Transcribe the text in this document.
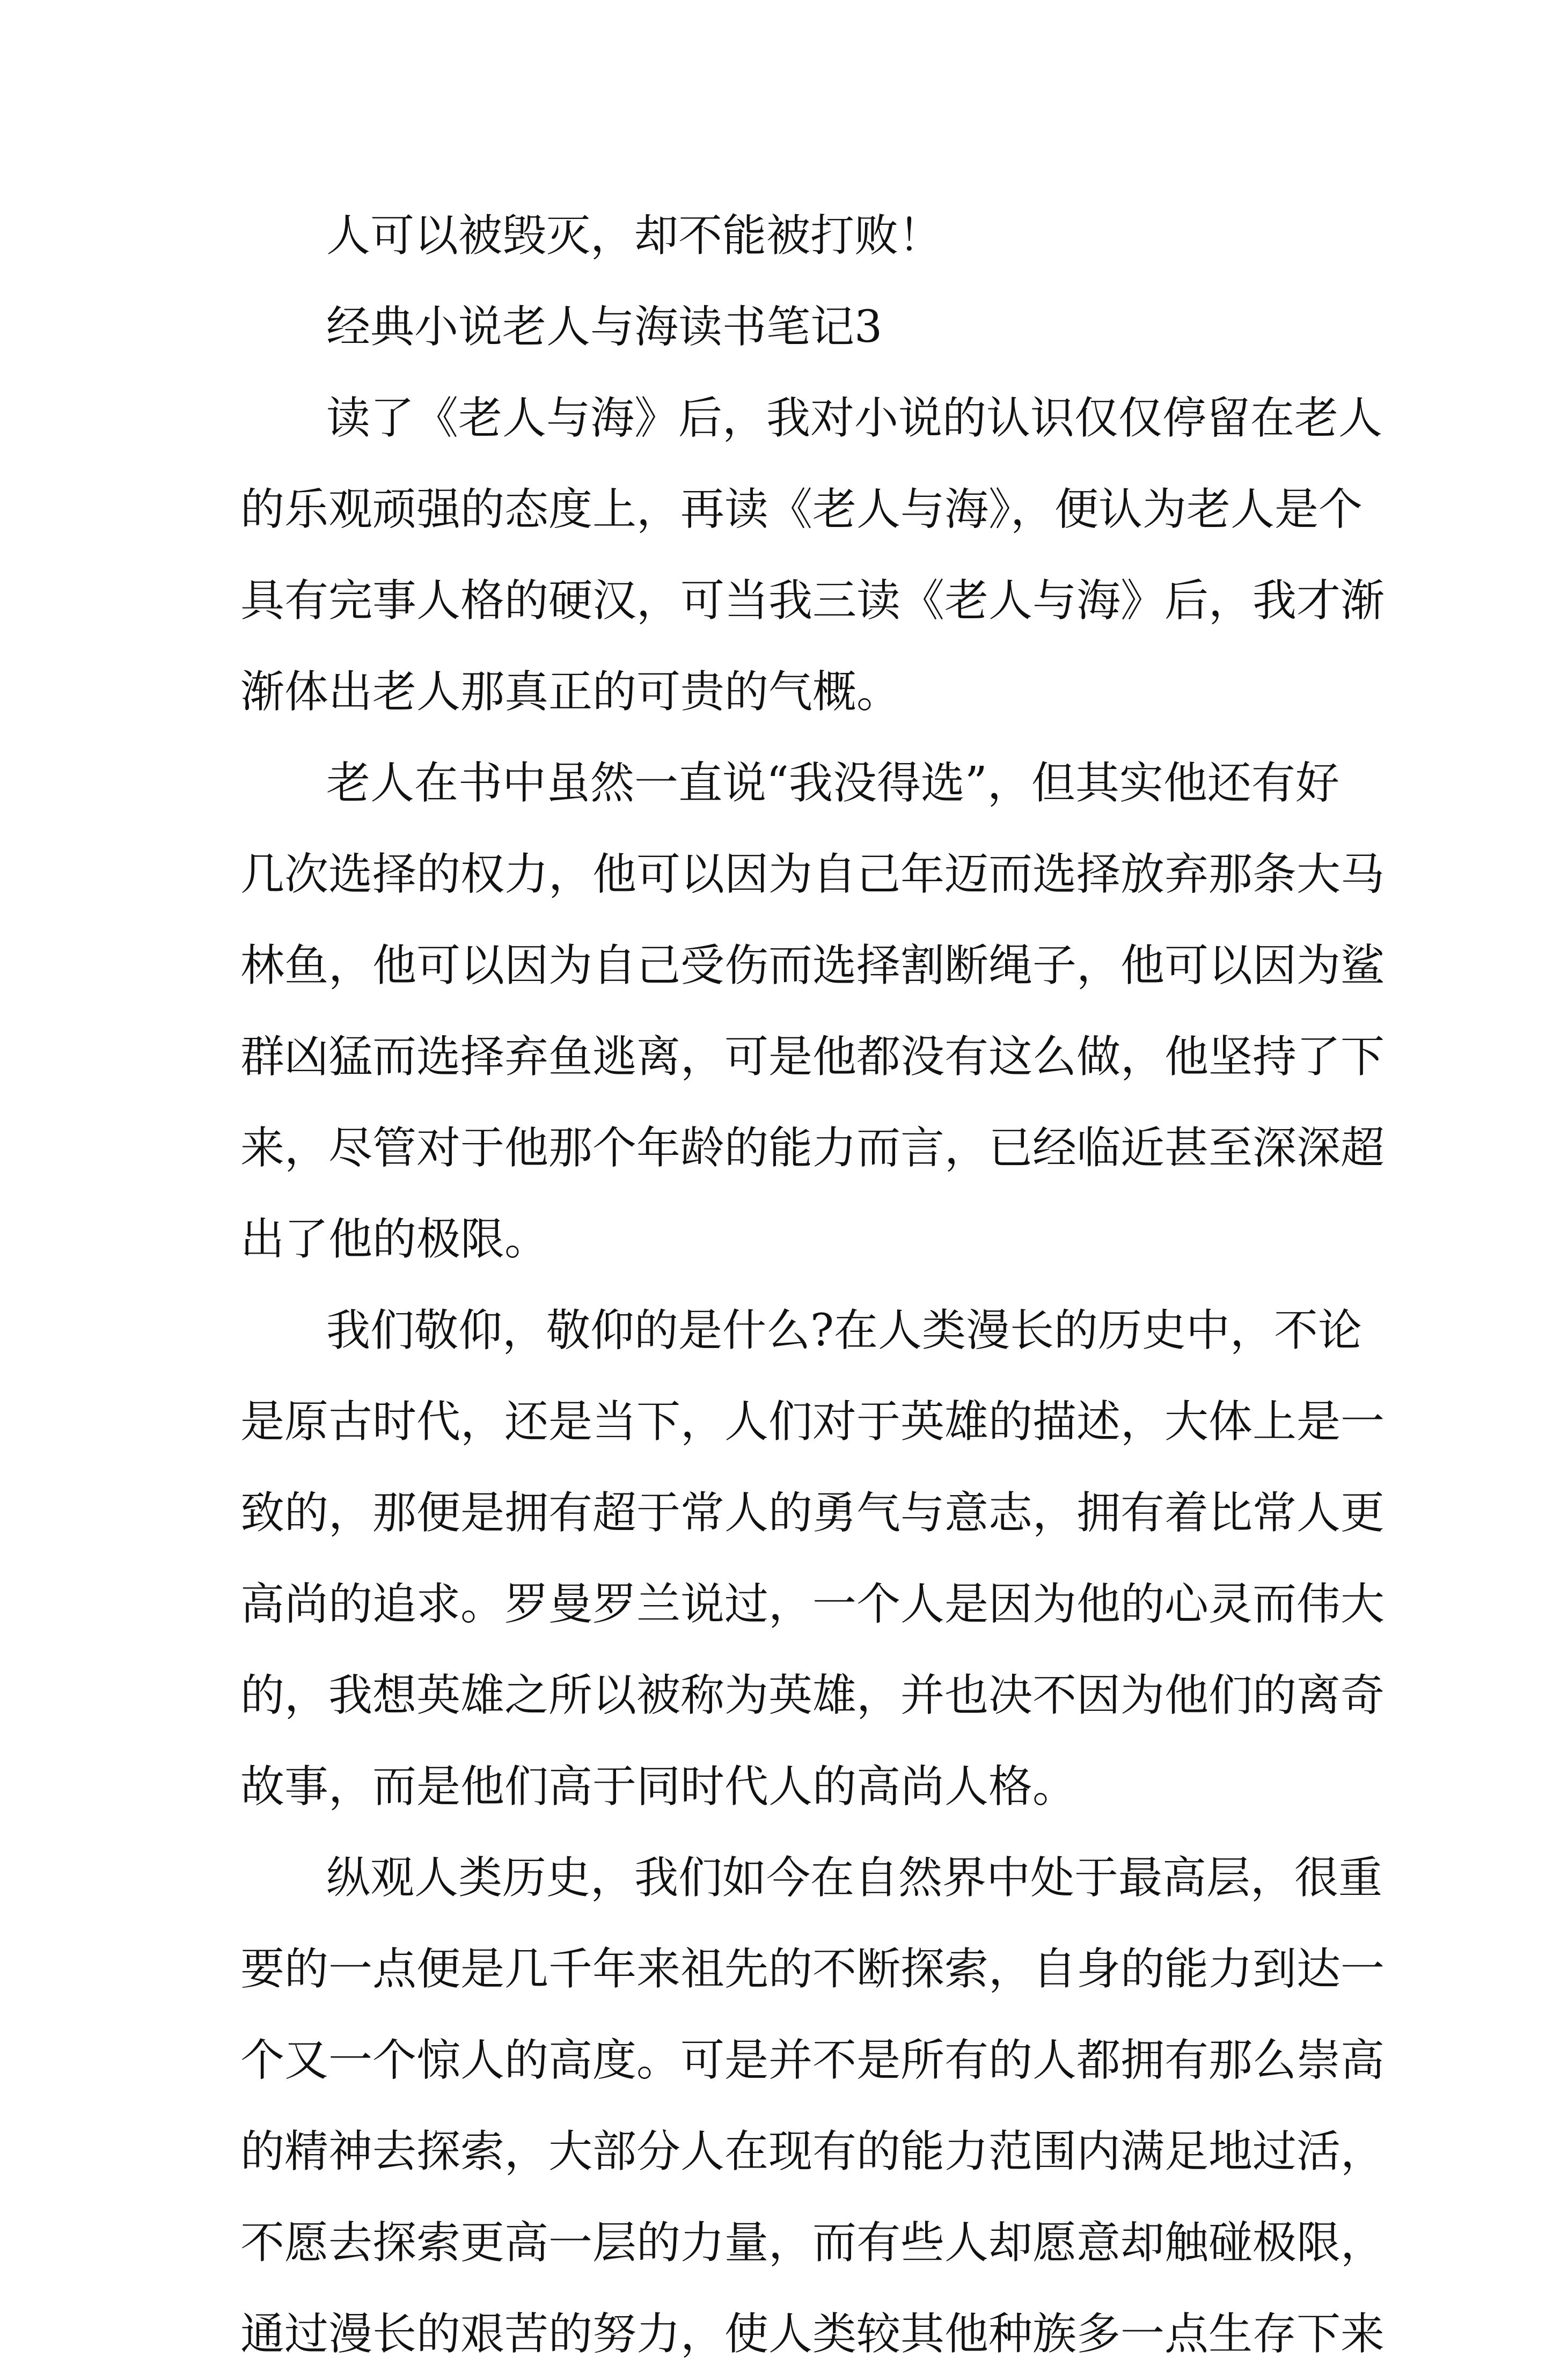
人可以被毁灭，却不能被打败！
经典小说老人与海读书笔记3
读了《老人与海》后，我对小说的认识仅仅停留在老人
的乐观顽强的态度上，再读《老人与海》，便认为老人是个
具有完事人格的硬汉，可当我三读《老人与海》后，我才渐
渐体出老人那真正的可贵的气概。
老人在书中虽然一直说“我没得选”，但其实他还有好
几次选择的权力，他可以因为自己年迈而选择放弃那条大马
林鱼，他可以因为自己受伤而选择割断绳子，他可以因为鲨
群凶猛而选择弃鱼逃离，可是他都没有这么做，他坚持了下
来，尽管对于他那个年龄的能力而言，已经临近甚至深深超
出了他的极限。
我们敬仰，敬仰的是什么?在人类漫长的历史中，不论
是原古时代，还是当下，人们对于英雄的描述，大体上是一
致的，那便是拥有超于常人的勇气与意志，拥有着比常人更
高尚的追求。罗曼罗兰说过，一个人是因为他的心灵而伟大
的，我想英雄之所以被称为英雄，并也决不因为他们的离奇
故事，而是他们高于同时代人的高尚人格。
纵观人类历史，我们如今在自然界中处于最高层，很重
要的一点便是几千年来祖先的不断探索，自身的能力到达一
个又一个惊人的高度。可是并不是所有的人都拥有那么崇高
的精神去探索，大部分人在现有的能力范围内满足地过活，
不愿去探索更高一层的力量，而有些人却愿意却触碰极限，
通过漫长的艰苦的努力，使人类较其他种族多一点生存下来
